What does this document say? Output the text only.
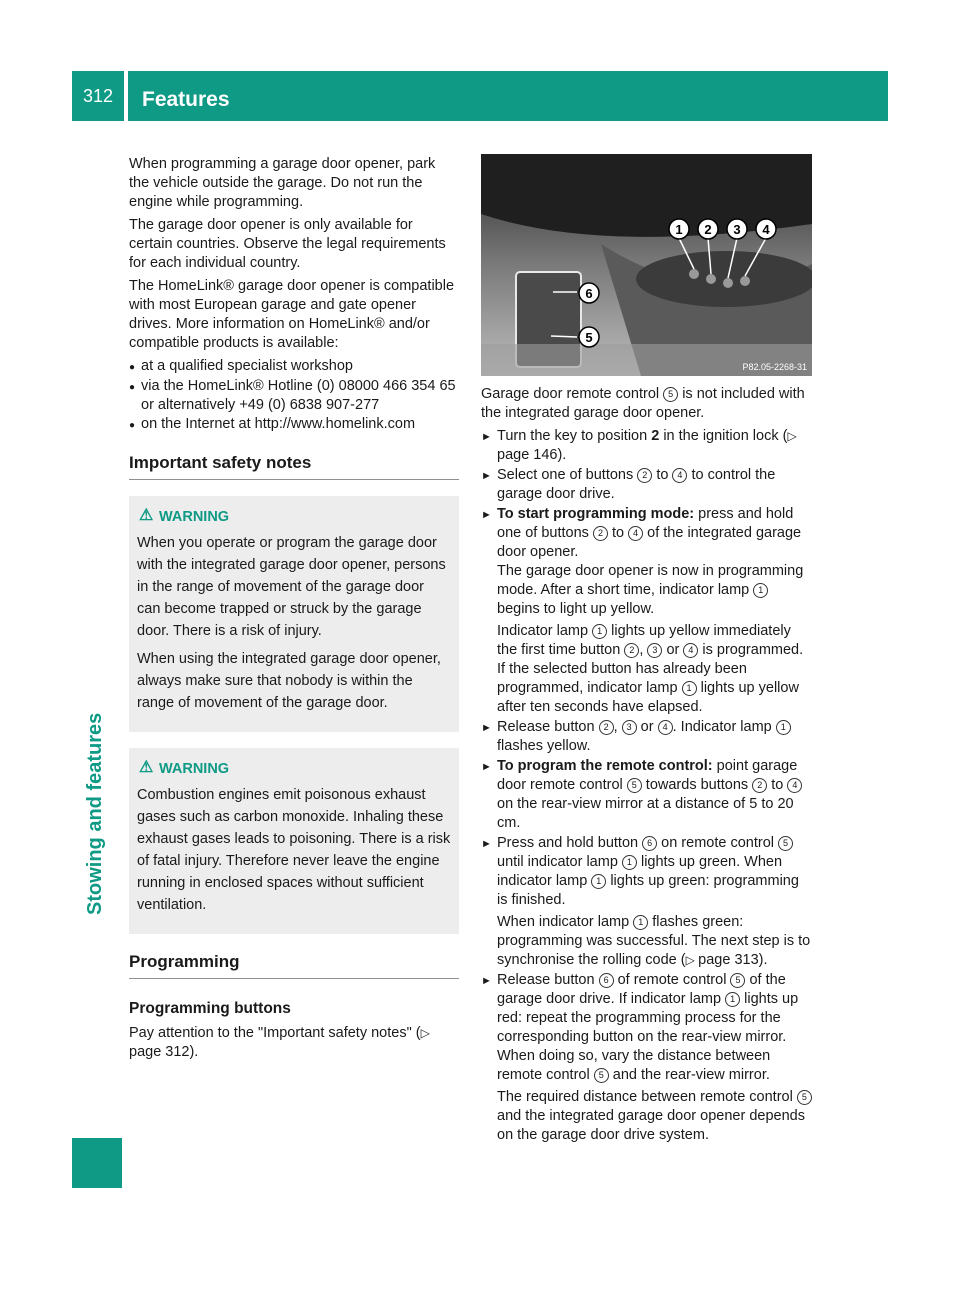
312	Features
Stowing and features

When programming a garage door opener, park the vehicle outside the garage. Do not run the engine while programming.

The garage door opener is only available for certain countries. Observe the legal requirements for each individual country.

The HomeLink® garage door opener is compatible with most European garage and gate opener drives. More information on HomeLink® and/or compatible products is available:

● at a qualified specialist workshop
● via the HomeLink® Hotline (0) 08000 466 354 65 or alternatively +49 (0) 6838 907-277
● on the Internet at http://www.homelink.com
Important safety notes
⚠ WARNING

When you operate or program the garage door with the integrated garage door opener, persons in the range of movement of the garage door can become trapped or struck by the garage door. There is a risk of injury.

When using the integrated garage door opener, always make sure that nobody is within the range of movement of the garage door.

⚠ WARNING

Combustion engines emit poisonous exhaust gases such as carbon monoxide. Inhaling these exhaust gases leads to poisoning. There is a risk of fatal injury. Therefore never leave the engine running in enclosed spaces without sufficient ventilation.

Programming
Programming buttons

Pay attention to the "Important safety notes" (▷ page 312).

1 2 3 4
6
5
P82.05-2268-31

Garage door remote control 5 is not included with the integrated garage door opener.

► Turn the key to position 2 in the ignition lock (▷ page 146).

► Select one of buttons 2 to 4 to control the garage door drive.

► To start programming mode: press and hold one of buttons 2 to 4 of the integrated garage door opener.

The garage door opener is now in programming mode. After a short time, indicator lamp 1 begins to light up yellow.

Indicator lamp 1 lights up yellow immediately the first time button 2 , 3 or 4 is programmed. If the selected button has already been programmed, indicator lamp 1 lights up yellow after ten seconds have elapsed.

► Release button 2 , 3 or 4 . Indicator lamp 1 flashes yellow.

► To program the remote control: point garage door remote control 5 towards buttons 2 to 4 on the rear-view mirror at a distance of 5 to 20 cm.

► Press and hold button 6 on remote control 5 until indicator lamp 1 lights up green. When indicator lamp 1 lights up green: programming is finished.

When indicator lamp 1 flashes green: programming was successful. The next step is to synchronise the rolling code (▷ page 313).

► Release button 6 of remote control 5 of the garage door drive. If indicator lamp 1 lights up red: repeat the programming process for the corresponding button on the rear-view mirror. When doing so, vary the distance between remote control 5 and the rear-view mirror.

The required distance between remote control 5 and the integrated garage door opener depends on the garage door drive system.
